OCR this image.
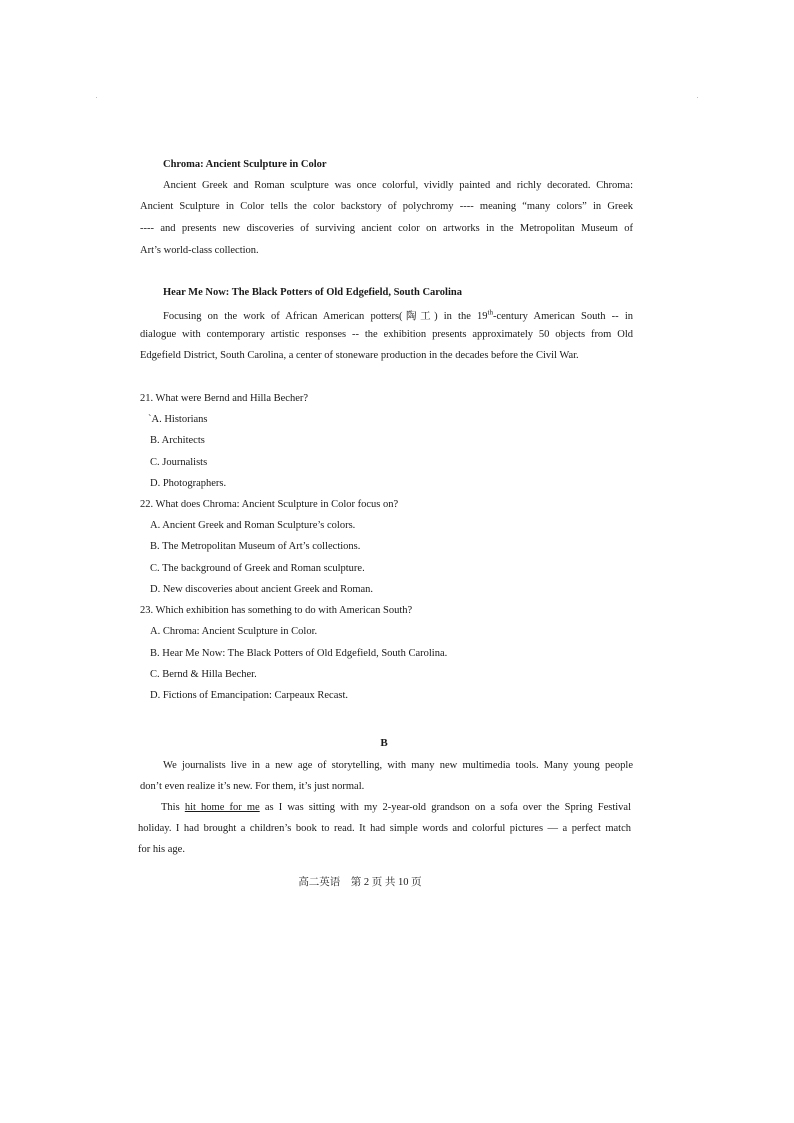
Chroma: Ancient Sculpture in Color
Ancient Greek and Roman sculpture was once colorful, vividly painted and richly decorated. Chroma:
Ancient Sculpture in Color tells the color backstory of polychromy ---- meaning “many colors” in Greek
---- and presents new discoveries of surviving ancient color on artworks in the Metropolitan Museum of
Art’s world-class collection.
Hear Me Now: The Black Potters of Old Edgefield, South Carolina
Focusing on the work of African American potters(陶工) in the 19th-century American South -- in
dialogue with contemporary artistic responses -- the exhibition presents approximately 50 objects from Old
Edgefield District, South Carolina, a center of stoneware production in the decades before the Civil War.
21. What were Bernd and Hilla Becher?
ˋA. Historians
B. Architects
C. Journalists
D. Photographers.
22. What does Chroma: Ancient Sculpture in Color focus on?
A. Ancient Greek and Roman Sculpture’s colors.
B. The Metropolitan Museum of Art’s collections.
C. The background of Greek and Roman sculpture.
D. New discoveries about ancient Greek and Roman.
23. Which exhibition has something to do with American South?
A. Chroma: Ancient Sculpture in Color.
B. Hear Me Now: The Black Potters of Old Edgefield, South Carolina.
C. Bernd & Hilla Becher.
D. Fictions of Emancipation: Carpeaux Recast.
B
We journalists live in a new age of storytelling, with many new multimedia tools. Many young people
don’t even realize it’s new. For them, it’s just normal.
This hit home for me as I was sitting with my 2-year-old grandson on a sofa over the Spring Festival
holiday. I had brought a children’s book to read. It had simple words and colorful pictures — a perfect match
for his age.
高二英语　第 2 页 共 10 页
